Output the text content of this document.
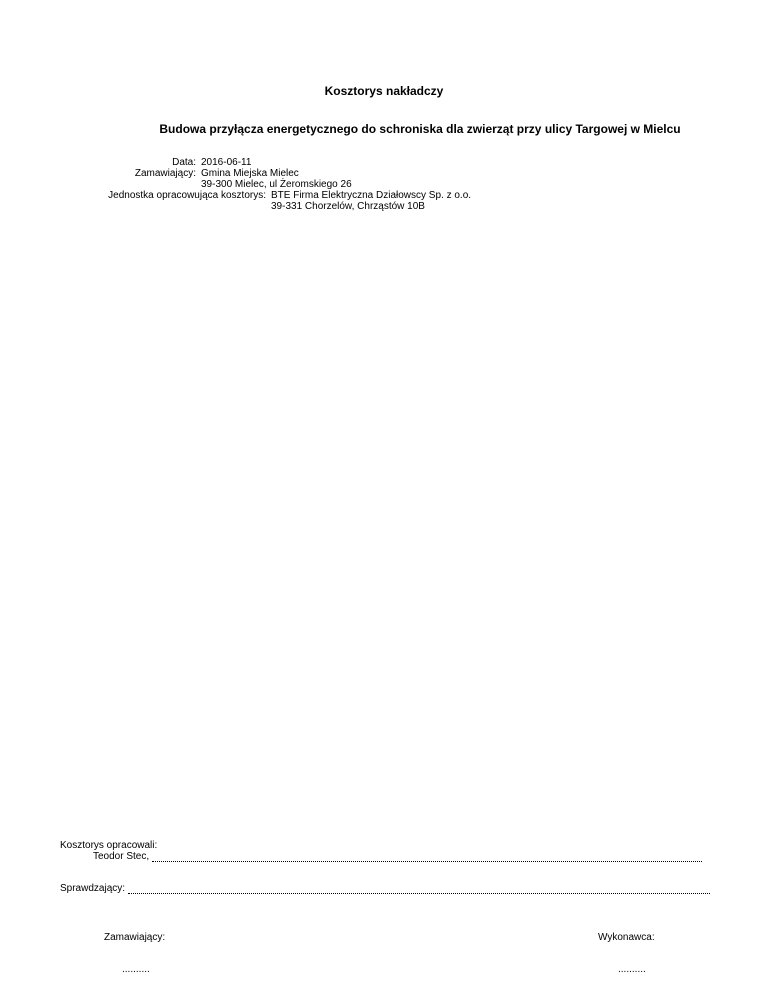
Kosztorys nakładczy
Budowa przyłącza energetycznego do schroniska dla zwierząt przy ulicy Targowej w Mielcu
Data: 2016-06-11
Zamawiający: Gmina Miejska Mielec
39-300 Mielec, ul Żeromskiego 26
Jednostka opracowująca kosztorys: BTE Firma Elektryczna Działowscy Sp. z o.o.
39-331 Chorzelów, Chrząstów 10B
Kosztorys opracowali:
Teodor Stec,
Sprawdzający:
Zamawiający:	Wykonawca:
..........	..........
